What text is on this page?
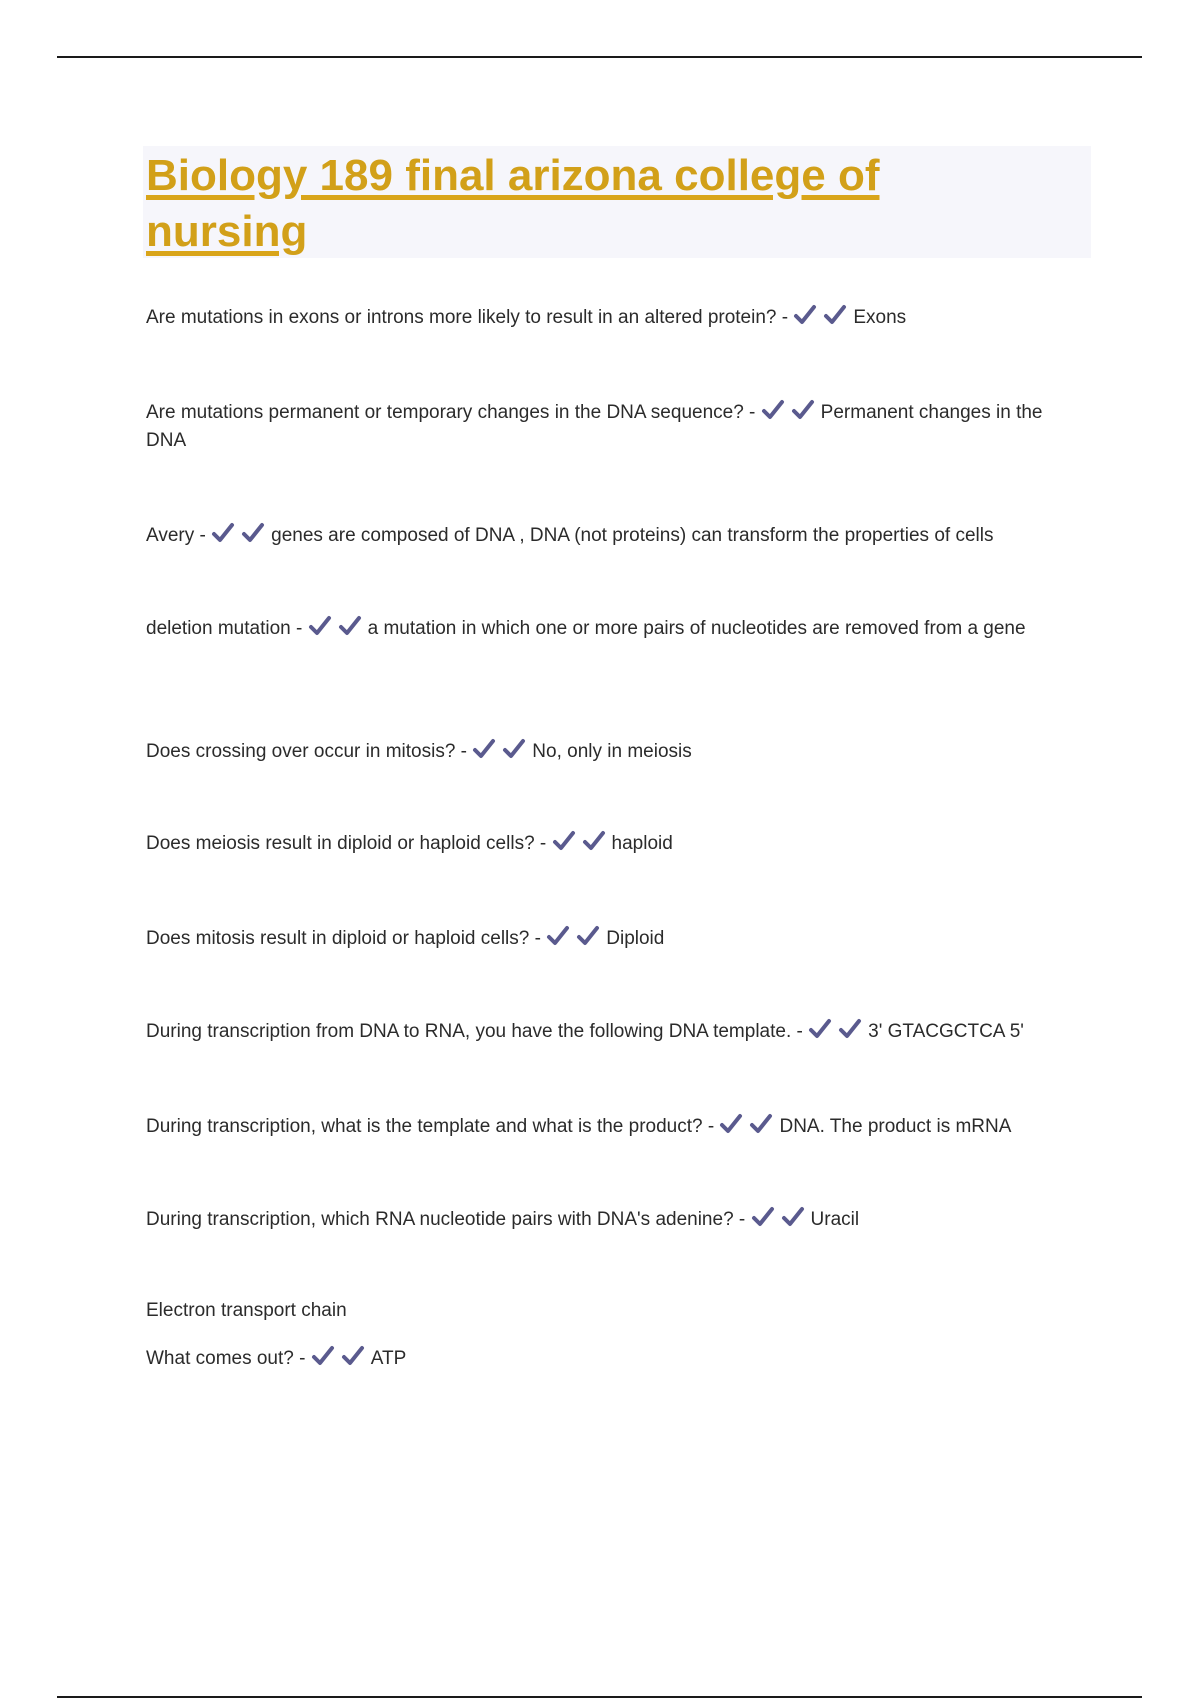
Biology 189 final arizona college of nursing

Are mutations in exons or introns more likely to result in an altered protein? -	Exons

Are mutations permanent or temporary changes in the DNA sequence? -	Permanent changes in the DNA

Avery -	genes are composed of DNA , DNA (not proteins) can transform the properties of cells

deletion mutation -	a mutation in which one or more pairs of nucleotides are removed from a gene

Does crossing over occur in mitosis? -	No, only in meiosis

Does meiosis result in diploid or haploid cells? -	haploid

Does mitosis result in diploid or haploid cells? -	Diploid

During transcription from DNA to RNA, you have the following DNA template. -	3' GTACGCTCA 5'

During transcription, what is the template and what is the product? -	DNA. The product is mRNA

During transcription, which RNA nucleotide pairs with DNA's adenine? -	Uracil

Electron transport chain

What comes out? -	ATP
